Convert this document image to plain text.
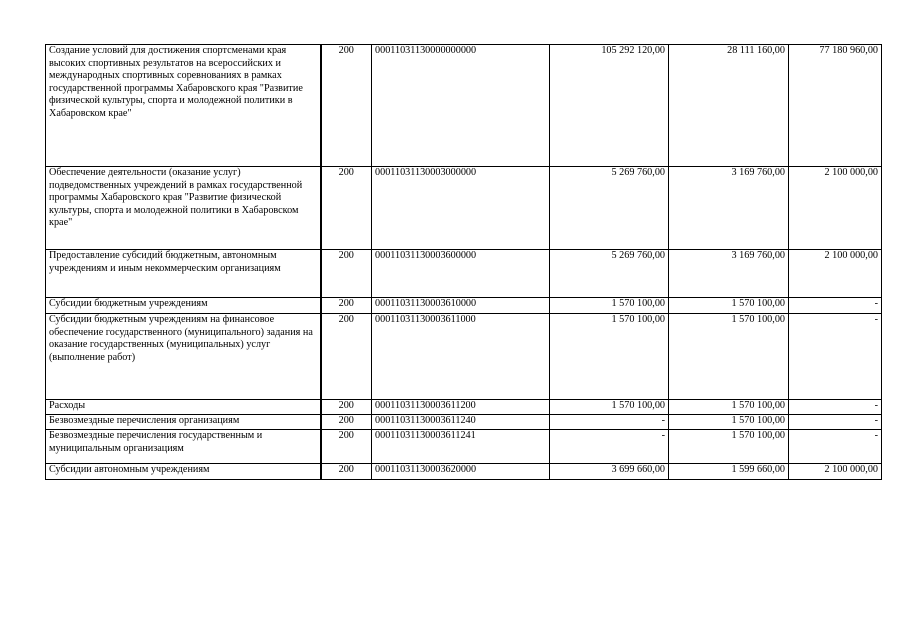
Создание условий для достижения спортсменами края высоких спортивных результатов на всероссийских и международных спортивных соревнованиях в рамках государственной программы Хабаровского края "Развитие физической культуры, спорта и молодежной политики в Хабаровском крае"	200	00011031130000000000	105 292 120,00	28 111 160,00	77 180 960,00
Обеспечение деятельности (оказание услуг) подведомственных учреждений в рамках государственной программы Хабаровского края "Развитие физической культуры, спорта и молодежной политики в Хабаровском крае"	200	00011031130003000000	5 269 760,00	3 169 760,00	2 100 000,00
Предоставление субсидий бюджетным, автономным учреждениям и иным некоммерческим организациям	200	00011031130003600000	5 269 760,00	3 169 760,00	2 100 000,00
Субсидии бюджетным учреждениям	200	00011031130003610000	1 570 100,00	1 570 100,00	-
Субсидии бюджетным учреждениям на финансовое обеспечение государственного (муниципального) задания на оказание государственных (муниципальных) услуг (выполнение работ)	200	00011031130003611000	1 570 100,00	1 570 100,00	-
Расходы	200	00011031130003611200	1 570 100,00	1 570 100,00	-
Безвозмездные перечисления организациям	200	00011031130003611240	-	1 570 100,00	-
Безвозмездные перечисления государственным и муниципальным организациям	200	00011031130003611241	-	1 570 100,00	-
Субсидии автономным учреждениям	200	00011031130003620000	3 699 660,00	1 599 660,00	2 100 000,00
